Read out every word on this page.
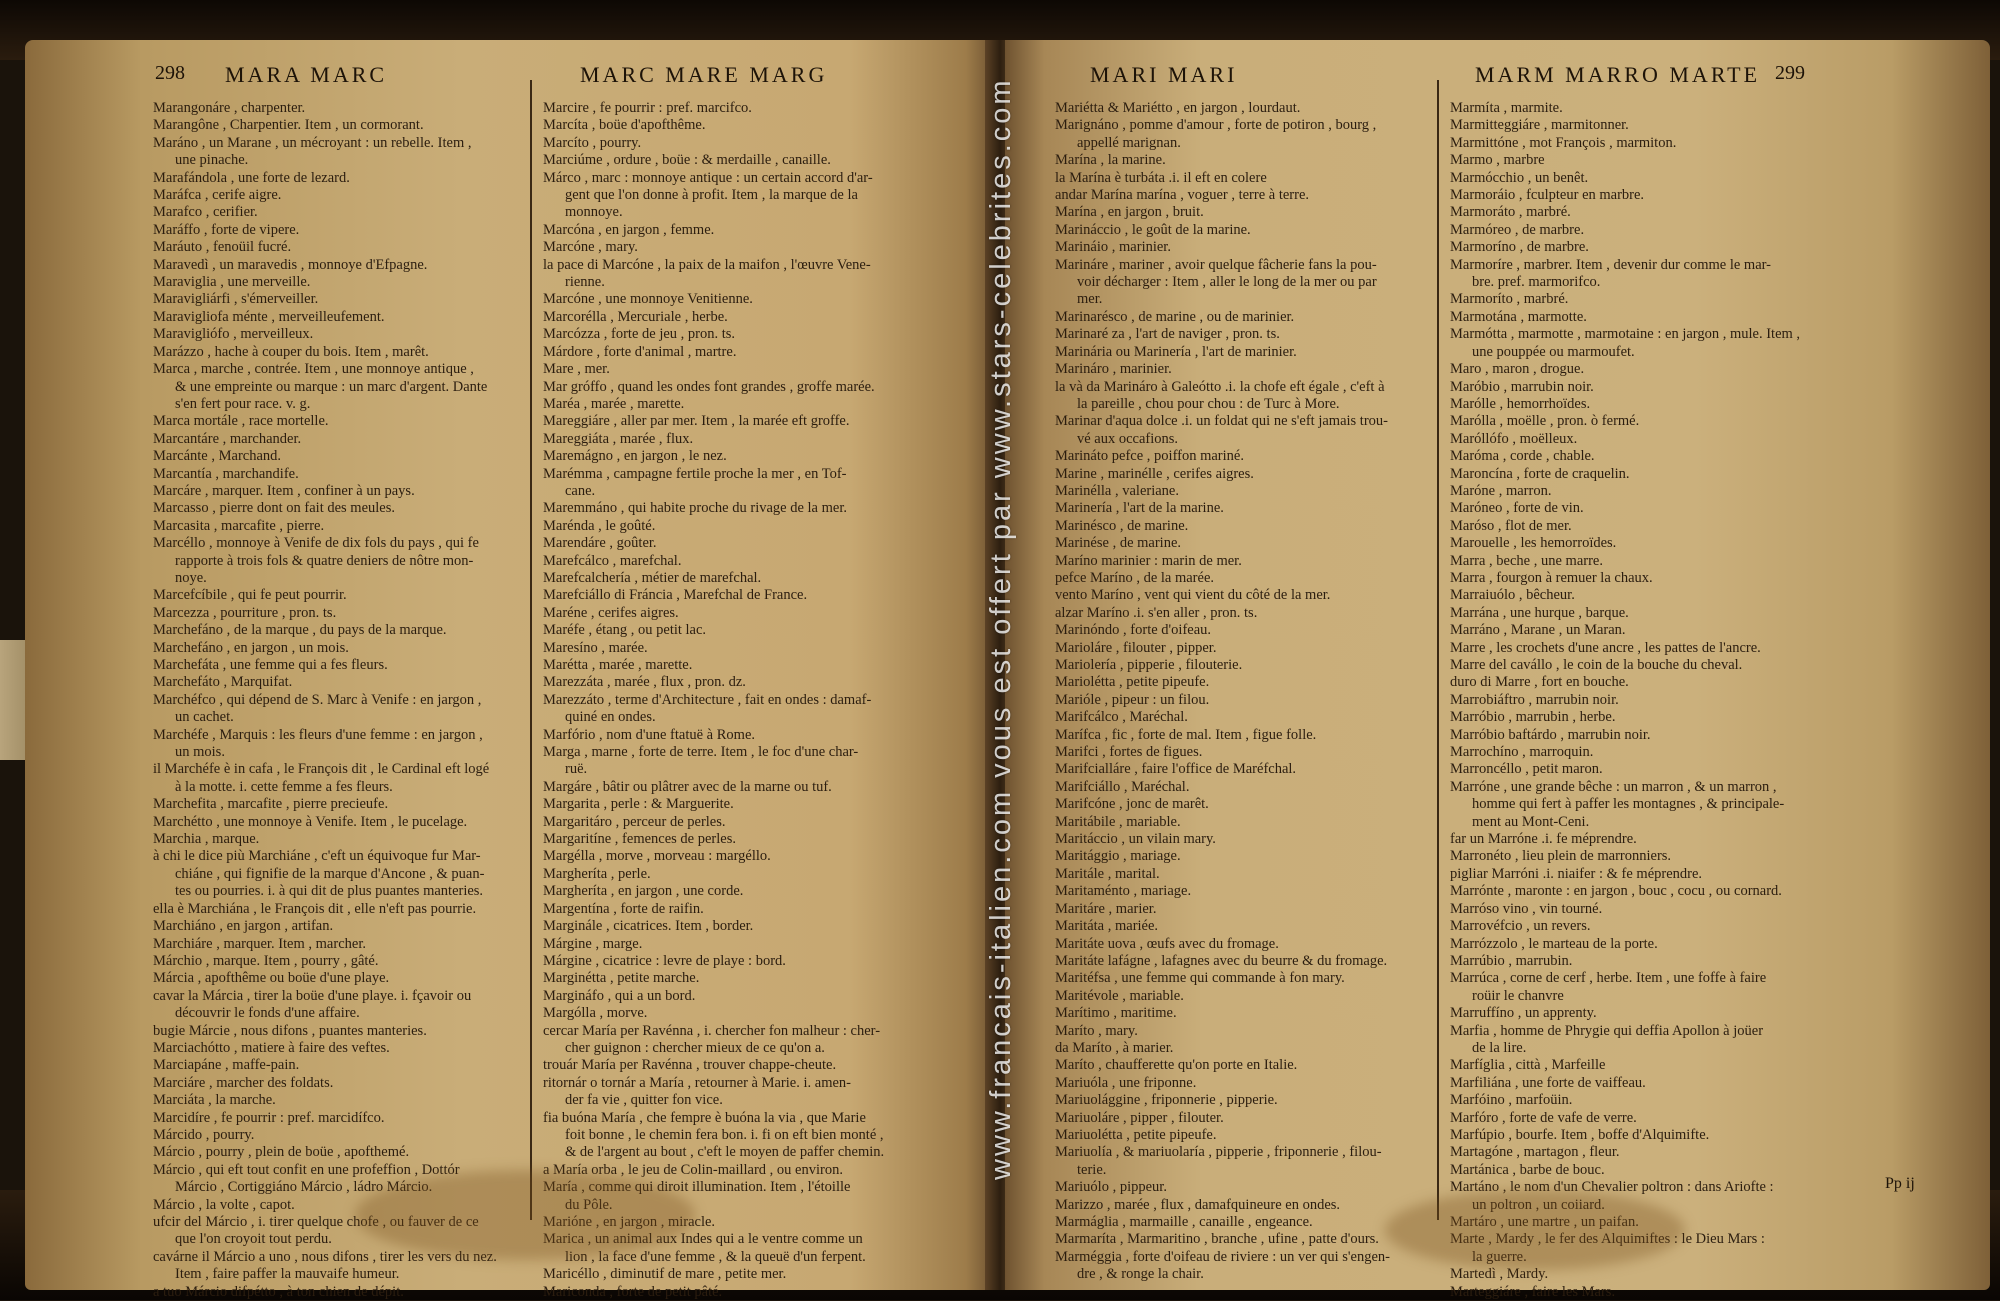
298 MARA MARC	MARC MARE MARG
Marangonáre , charpenter.
Marangône , Charpentier. Item , un cormorant.
Maráno , un Marane , un mécroyant : un rebelle. Item ,
une pinache.
Marafándola , une forte de lezard.
Maráfca , cerife aigre.
Marafco , cerifier.
Maráffo , forte de vipere.
Maráuto , fenoüil fucré.
Maravedì , un maravedis , monnoye d'Efpagne.
Maraviglia , une merveille.
Maravigliárfi , s'émerveiller.
Maravigliofa ménte , merveilleufement.
Maravigliófo , merveilleux.
Marázzo , hache à couper du bois. Item , marêt.
Marca , marche , contrée. Item , une monnoye antique ,
& une empreinte ou marque : un marc d'argent. Dante
s'en fert pour race. v. g.
Marca mortále , race mortelle.
Marcantáre , marchander.
Marcánte , Marchand.
Marcantía , marchandife.
Marcáre , marquer. Item , confiner à un pays.
Marcasso , pierre dont on fait des meules.
Marcasita , marcafite , pierre.
Marcéllo , monnoye à Venife de dix fols du pays , qui fe
rapporte à trois fols & quatre deniers de nôtre mon-
noye.
Marcefcíbile , qui fe peut pourrir.
Marcezza , pourriture , pron. ts.
Marchefáno , de la marque , du pays de la marque.
Marchefáno , en jargon , un mois.
Marchefáta , une femme qui a fes fleurs.
Marchefáto , Marquifat.
Marchéfco , qui dépend de S. Marc à Venife : en jargon ,
un cachet.
Marchéfe , Marquis : les fleurs d'une femme : en jargon ,
un mois.
il Marchéfe è in cafa , le François dit , le Cardinal eft logé
à la motte. i. cette femme a fes fleurs.
Marchefita , marcafite , pierre precieufe.
Marchétto , une monnoye à Venife. Item , le pucelage.
Marchia , marque.
à chi le dice più Marchiáne , c'eft un équivoque fur Mar-
chiáne , qui fignifie de la marque d'Ancone , & puan-
tes ou pourries. i. à qui dit de plus puantes manteries.
ella è Marchiána , le François dit , elle n'eft pas pourrie.
Marchiáno , en jargon , artifan.
Marchiáre , marquer. Item , marcher.
Márchio , marque. Item , pourry , gâté.
Márcia , apofthême ou boüe d'une playe.
cavar la Márcia , tirer la boüe d'une playe. i. fçavoir ou
découvrir le fonds d'une affaire.
bugie Márcie , nous difons , puantes manteries.
Marciachótto , matiere à faire des veftes.
Marciapáne , maffe-pain.
Marciáre , marcher des foldats.
Marciáta , la marche.
Marcidíre , fe pourrir : pref. marcidífco.
Márcido , pourry.
Márcio , pourry , plein de boüe , apofthemé.
Márcio , qui eft tout confit en une profeffion , Dottór
Márcio , Cortiggiáno Márcio , ládro Márcio.
Márcio , la volte , capot.
ufcir del Márcio , i. tirer quelque chofe , ou fauver de ce
que l'on croyoit tout perdu.
cavárne il Márcio a uno , nous difons , tirer les vers du nez.
Item , faire paffer la mauvaife humeur.
a tuo Márcio difpétto , à ton chien de dépit.
Marcire , fe pourrir : pref. marcifco.
Marcíta , boüe d'apofthême.
Marcíto , pourry.
Marciúme , ordure , boüe : & merdaille , canaille.
Márco , marc : monnoye antique : un certain accord d'ar-
gent que l'on donne à profit. Item , la marque de la
monnoye.
Marcóna , en jargon , femme.
Marcóne , mary.
la pace di Marcóne , la paix de la maifon , l'œuvre Vene-
rienne.
Marcóne , une monnoye Venitienne.
Marcorélla , Mercuriale , herbe.
Marcózza , forte de jeu , pron. ts.
Márdore , forte d'animal , martre.
Mare , mer.
Mar gróffo , quand les ondes font grandes , groffe marée.
Maréa , marée , marette.
Mareggiáre , aller par mer. Item , la marée eft groffe.
Mareggiáta , marée , flux.
Maremágno , en jargon , le nez.
Marémma , campagne fertile proche la mer , en Tof-
cane.
Maremmáno , qui habite proche du rivage de la mer.
Marénda , le goûté.
Marendáre , goûter.
Marefcálco , marefchal.
Marefcalchería , métier de marefchal.
Marefciállo di Fráncia , Marefchal de France.
Maréne , cerifes aigres.
Maréfe , étang , ou petit lac.
Maresíno , marée.
Marétta , marée , marette.
Marezzáta , marée , flux , pron. dz.
Marezzáto , terme d'Architecture , fait en ondes : damaf-
quiné en ondes.
Marfório , nom d'une ftatuë à Rome.
Marga , marne , forte de terre. Item , le foc d'une char-
ruë.
Margáre , bâtir ou plâtrer avec de la marne ou tuf.
Margarita , perle : & Marguerite.
Margaritáro , perceur de perles.
Margaritíne , femences de perles.
Margélla , morve , morveau : margéllo.
Margheríta , perle.
Margheríta , en jargon , une corde.
Margentína , forte de raifin.
Marginále , cicatrices. Item , border.
Márgine , marge.
Márgine , cicatrice : levre de playe : bord.
Marginétta , petite marche.
Margináfo , qui a un bord.
Margólla , morve.
cercar María per Ravénna , i. chercher fon malheur : cher-
cher guignon : chercher mieux de ce qu'on a.
trouár María per Ravénna , trouver chappe-cheute.
ritornár o tornár a María , retourner à Marie. i. amen-
der fa vie , quitter fon vice.
fia buóna María , che fempre è buóna la via , que Marie
foit bonne , le chemin fera bon. i. fi on eft bien monté ,
& de l'argent au bout , c'eft le moyen de paffer chemin.
a María orba , le jeu de Colin-maillard , ou environ.
María , comme qui diroit illumination. Item , l'étoille
du Pôle.
Marióne , en jargon , miracle.
Marica , un animal aux Indes qui a le ventre comme un
lion , la face d'une femme , & la queuë d'un ferpent.
Maricéllo , diminutif de mare , petite mer.
Mariconda , forte de petit pâté.
MARI MARI	MARM MARRO MARTE 299
Mariétta & Mariétto , en jargon , lourdaut.
Marignáno , pomme d'amour , forte de potiron , bourg ,
appellé marignan.
Marína , la marine.
la Marína è turbáta .i. il eft en colere
andar Marína marína , voguer , terre à terre.
Marína , en jargon , bruit.
Marináccio , le goût de la marine.
Marináio , marinier.
Marináre , mariner , avoir quelque fâcherie fans la pou-
voir décharger : Item , aller le long de la mer ou par
mer.
Marinarésco , de marine , ou de marinier.
Marinaré za , l'art de naviger , pron. ts.
Marinária ou Marinería , l'art de marinier.
Marináro , marinier.
la và da Marináro à Galeótto .i. la chofe eft égale , c'eft à
la pareille , chou pour chou : de Turc à More.
Marinar d'aqua dolce .i. un foldat qui ne s'eft jamais trou-
vé aux occafions.
Marináto pefce , poiffon mariné.
Marine , marinélle , cerifes aigres.
Marinélla , valeriane.
Marinería , l'art de la marine.
Marinésco , de marine.
Marinése , de marine.
Maríno marinier : marin de mer.
pefce Maríno , de la marée.
vento Maríno , vent qui vient du côté de la mer.
alzar Maríno .i. s'en aller , pron. ts.
Marinóndo , forte d'oifeau.
Marioláre , filouter , pipper.
Mariolería , pipperie , filouterie.
Mariolétta , petite pipeufe.
Marióle , pipeur : un filou.
Marifcálco , Maréchal.
Marífca , fic , forte de mal. Item , figue folle.
Marifci , fortes de figues.
Marifcialláre , faire l'office de Maréfchal.
Marifciállo , Maréchal.
Marifcóne , jonc de marêt.
Maritábile , mariable.
Maritáccio , un vilain mary.
Maritággio , mariage.
Maritále , marital.
Maritaménto , mariage.
Maritáre , marier.
Maritáta , mariée.
Maritáte uova , œufs avec du fromage.
Maritáte lafágne , lafagnes avec du beurre & du fromage.
Maritéfsa , une femme qui commande à fon mary.
Maritévole , mariable.
Marítimo , maritime.
Maríto , mary.
da Maríto , à marier.
Maríto , chaufferette qu'on porte en Italie.
Mariuóla , une friponne.
Mariuolággine , friponnerie , pipperie.
Mariuoláre , pipper , filouter.
Mariuolétta , petite pipeufe.
Mariuolía , & mariuolaría , pipperie , friponnerie , filou-
terie.
Mariuólo , pippeur.
Marizzo , marée , flux , damafquineure en ondes.
Marmáglia , marmaille , canaille , engeance.
Marmaríta , Marmaritino , branche , ufine , patte d'ours.
Marméggia , forte d'oifeau de riviere : un ver qui s'engen-
dre , & ronge la chair.
Marmíta , marmite.
Marmitteggiáre , marmitonner.
Marmittóne , mot François , marmiton.
Marmo , marbre
Marmócchio , un benêt.
Marmoráio , fculpteur en marbre.
Marmoráto , marbré.
Marmóreo , de marbre.
Marmoríno , de marbre.
Marmoríre , marbrer. Item , devenir dur comme le mar-
bre. pref. marmorifco.
Marmoríto , marbré.
Marmotána , marmotte.
Marmótta , marmotte , marmotaine : en jargon , mule. Item ,
une pouppée ou marmoufet.
Maro , maron , drogue.
Maróbio , marrubin noir.
Marólle , hemorrhoïdes.
Marólla , moëlle , pron. ò fermé.
Maróllófo , moëlleux.
Maróma , corde , chable.
Maroncína , forte de craquelin.
Maróne , marron.
Maróneo , forte de vin.
Maróso , flot de mer.
Marouelle , les hemorroïdes.
Marra , beche , une marre.
Marra , fourgon à remuer la chaux.
Marraiuólo , bêcheur.
Marrána , une hurque , barque.
Marráno , Marane , un Maran.
Marre , les crochets d'une ancre , les pattes de l'ancre.
Marre del cavállo , le coin de la bouche du cheval.
duro di Marre , fort en bouche.
Marrobiáftro , marrubin noir.
Marróbio , marrubin , herbe.
Marróbio baftárdo , marrubin noir.
Marrochíno , marroquin.
Marroncéllo , petit maron.
Marróne , une grande bêche : un marron , & un marron ,
homme qui fert à paffer les montagnes , & principale-
ment au Mont-Ceni.
far un Marróne .i. fe méprendre.
Marronéto , lieu plein de marronniers.
pigliar Marróni .i. niaifer : & fe méprendre.
Marrónte , maronte : en jargon , bouc , cocu , ou cornard.
Marróso vino , vin tourné.
Marrovéfcio , un revers.
Marrózzolo , le marteau de la porte.
Marrúbio , marrubin.
Marrúca , corne de cerf , herbe. Item , une foffe à faire
roüir le chanvre
Marruffíno , un apprenty.
Marfia , homme de Phrygie qui deffia Apollon à joüer
de la lire.
Marfíglia , città , Marfeille
Marfiliána , une forte de vaiffeau.
Marfóino , marfoüin.
Marfóro , forte de vafe de verre.
Marfúpio , bourfe. Item , boffe d'Alquimifte.
Martagóne , martagon , fleur.
Martánica , barbe de bouc.
Martáno , le nom d'un Chevalier poltron : dans Ariofte :
un poltron , un coiiard.
Martáro , une martre , un paifan.
Marte , Mardy , le fer des Alquimiftes : le Dieu Mars :
la guerre.
Martedì , Mardy.
Marteggiáre , faire les Mars.
Pp ij
www.francais-italien.com vous est offert par www.stars-celebrites.com
